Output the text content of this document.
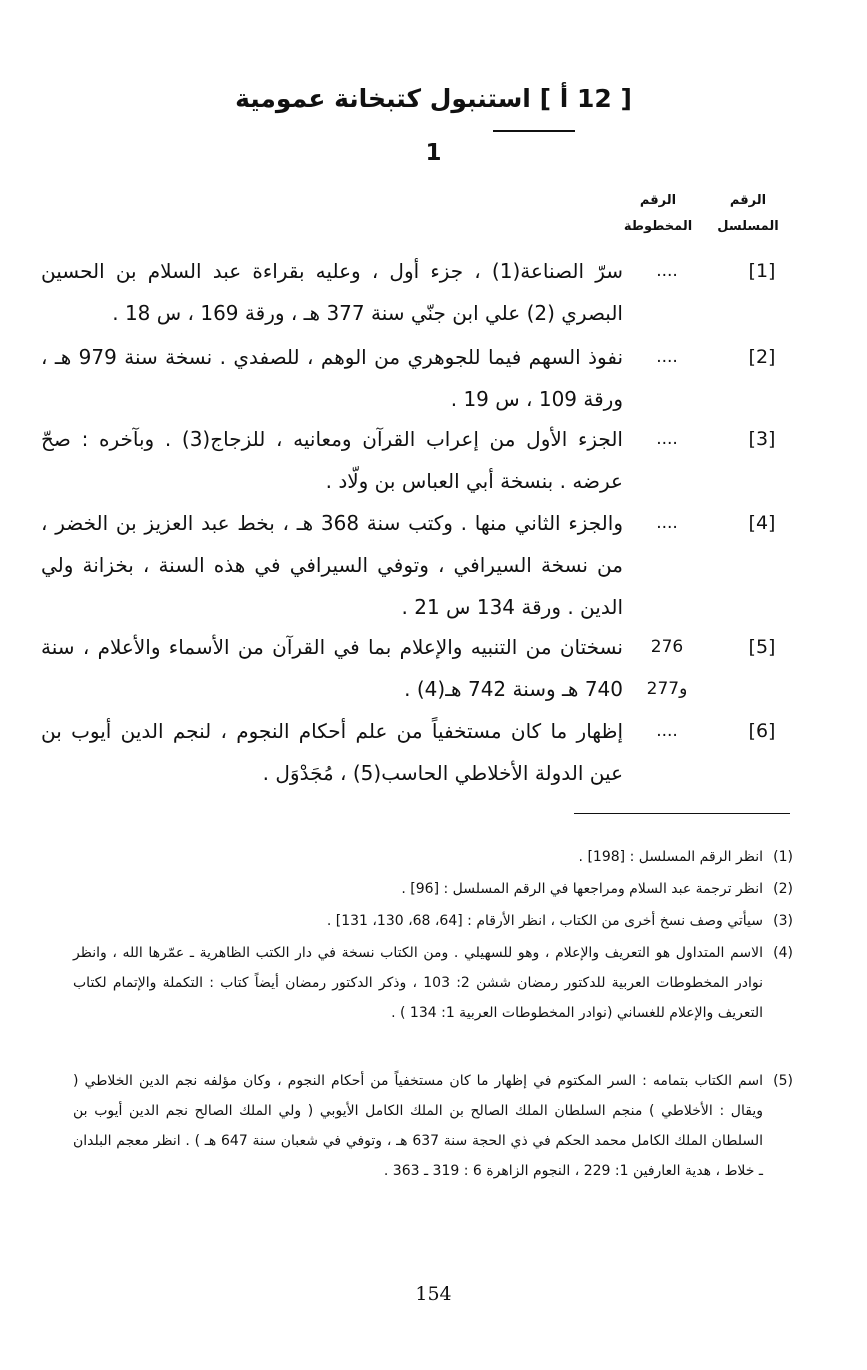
[ 12 أ ] استنبول كتبخانة عمومية
1
الرقم المسلسل
الرقم المخطوطة
[1]
....
سرّ الصناعة(1) ، جزء أول ، وعليه بقراءة عبد السلام بن الحسين البصري (2) علي ابن جنّي سنة 377 هـ ، ورقة 169 ، س 18 .
[2]
....
نفوذ السهم فيما للجوهري من الوهم ، للصفدي . نسخة سنة 979 هـ ، ورقة 109 ، س 19 .
[3]
....
الجزء الأول من إعراب القرآن ومعانيه ، للزجاج(3) . وبآخره : صحّ عرضه . بنسخة أبي العباس بن ولّاد .
[4]
....
والجزء الثاني منها . وكتب سنة 368 هـ ، بخط عبد العزيز بن الخضر ، من نسخة السيرافي ، وتوفي السيرافي في هذه السنة ، بخزانة ولي الدين . ورقة 134 س 21 .
[5]
276
و277
نسختان من التنبيه والإعلام بما في القرآن من الأسماء والأعلام ، سنة 740 هـ وسنة 742 هـ(4) .
[6]
....
إظهار ما كان مستخفياً من علم أحكام النجوم ، لنجم الدين أيوب بن عين الدولة الأخلاطي الحاسب(5) ، مُجَدْوَل .
(1)
انظر الرقم المسلسل : [198] .
(2)
انظر ترجمة عبد السلام ومراجعها في الرقم المسلسل : [96] .
(3)
سيأتي وصف نسخ أخرى من الكتاب ، انظر الأرقام : [64، 68، 130، 131] .
(4)
الاسم المتداول هو التعريف والإعلام ، وهو للسهيلي . ومن الكتاب نسخة في دار الكتب الظاهرية ـ عمّرها الله ، وانظر نوادر المخطوطات العربية للدكتور رمضان ششن 2: 103 ، وذكر الدكتور رمضان أيضاً كتاب : التكملة والإتمام لكتاب التعريف والإعلام للغساني (نوادر المخطوطات العربية 1: 134 ) .
(5)
اسم الكتاب بتمامه : السر المكتوم في إظهار ما كان مستخفياً من أحكام النجوم ، وكان مؤلفه نجم الدين الخلاطي ( ويقال : الأخلاطي ) منجم السلطان الملك الصالح بن الملك الكامل الأيوبي ( ولي الملك الصالح نجم الدين أيوب بن السلطان الملك الكامل محمد الحكم في ذي الحجة سنة 637 هـ ، وتوفي في شعبان سنة 647 هـ ) . انظر معجم البلدان ـ خلاط ، هدية العارفين 1: 229 ، النجوم الزاهرة 6 : 319 ـ 363 .
154
